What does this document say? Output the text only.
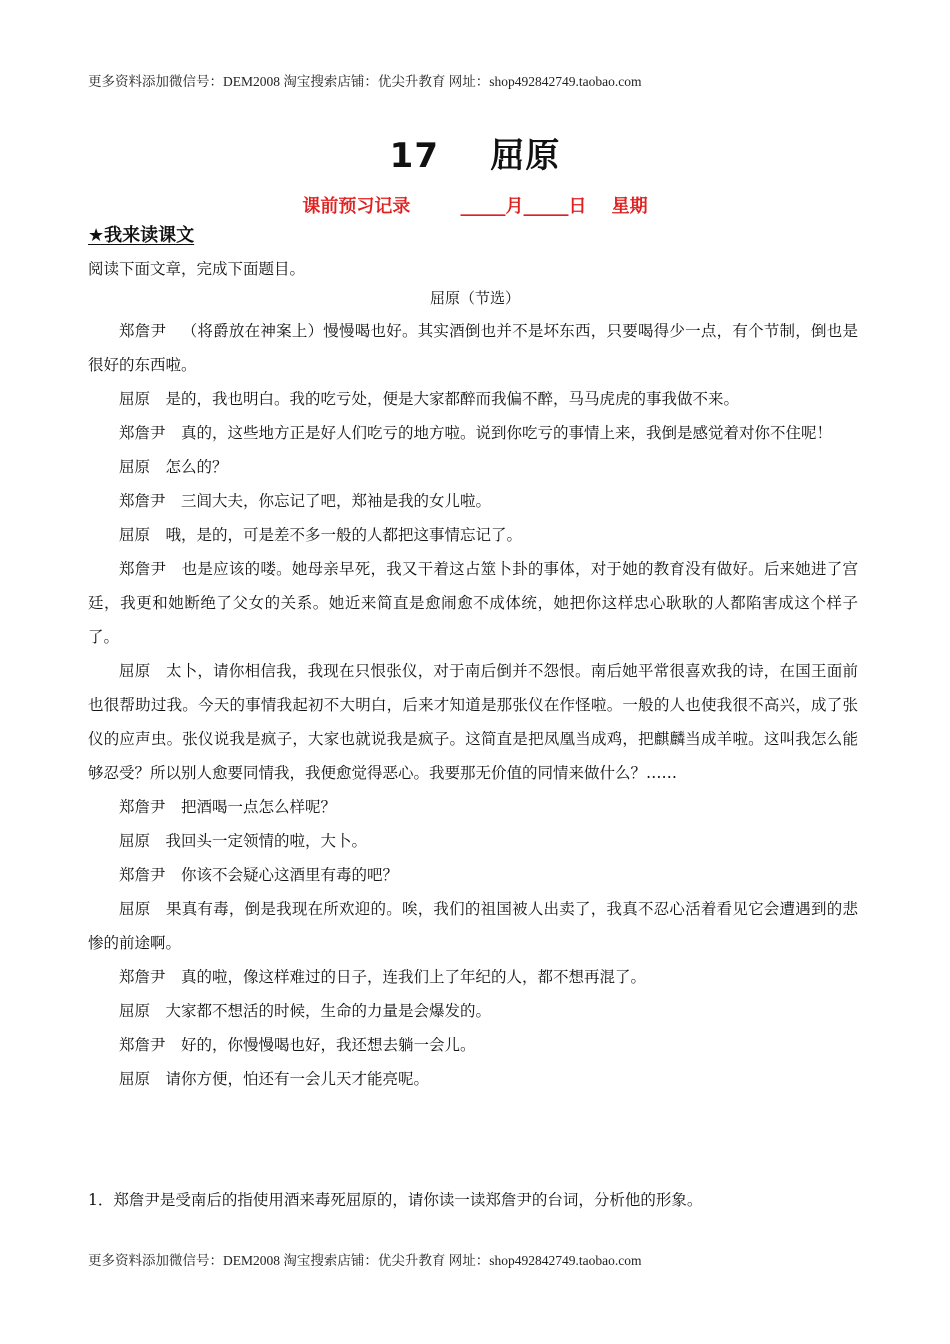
更多资料添加微信号：DEM2008 淘宝搜索店铺：优尖升教育 网址：shop492842749.taobao.com
17    屈原
课前预习记录        _____月_____日    星期
★我来读课文
阅读下面文章，完成下面题目。
屈原（节选）

郑詹尹 （将爵放在神案上）慢慢喝也好。其实酒倒也并不是坏东西，只要喝得少一点，有个节制，倒也是很好的东西啦。

屈原 是的，我也明白。我的吃亏处，便是大家都醉而我偏不醉，马马虎虎的事我做不来。

郑詹尹 真的，这些地方正是好人们吃亏的地方啦。说到你吃亏的事情上来，我倒是感觉着对你不住呢！

屈原 怎么的？

郑詹尹 三闾大夫，你忘记了吧，郑袖是我的女儿啦。

屈原 哦，是的，可是差不多一般的人都把这事情忘记了。

郑詹尹 也是应该的喽。她母亲早死，我又干着这占筮卜卦的事体，对于她的教育没有做好。后来她进了宫廷，我更和她断绝了父女的关系。她近来简直是愈闹愈不成体统，她把你这样忠心耿耿的人都陷害成这个样子了。

屈原 太卜，请你相信我，我现在只恨张仪，对于南后倒并不怨恨。南后她平常很喜欢我的诗，在国王面前也很帮助过我。今天的事情我起初不大明白，后来才知道是那张仪在作怪啦。一般的人也使我很不高兴，成了张仪的应声虫。张仪说我是疯子，大家也就说我是疯子。这简直是把凤凰当成鸡，把麒麟当成羊啦。这叫我怎么能够忍受？所以别人愈要同情我，我便愈觉得恶心。我要那无价值的同情来做什么？……

郑詹尹 把酒喝一点怎么样呢？

屈原 我回头一定领情的啦，大卜。

郑詹尹 你该不会疑心这酒里有毒的吧？

屈原 果真有毒，倒是我现在所欢迎的。唉，我们的祖国被人出卖了，我真不忍心活着看见它会遭遇到的悲惨的前途啊。

郑詹尹 真的啦，像这样难过的日子，连我们上了年纪的人，都不想再混了。

屈原 大家都不想活的时候，生命的力量是会爆发的。

郑詹尹 好的，你慢慢喝也好，我还想去躺一会儿。

屈原 请你方便，怕还有一会儿天才能亮呢。

1．郑詹尹是受南后的指使用酒来毒死屈原的，请你读一读郑詹尹的台词，分析他的形象。
更多资料添加微信号：DEM2008 淘宝搜索店铺：优尖升教育 网址：shop492842749.taobao.com
